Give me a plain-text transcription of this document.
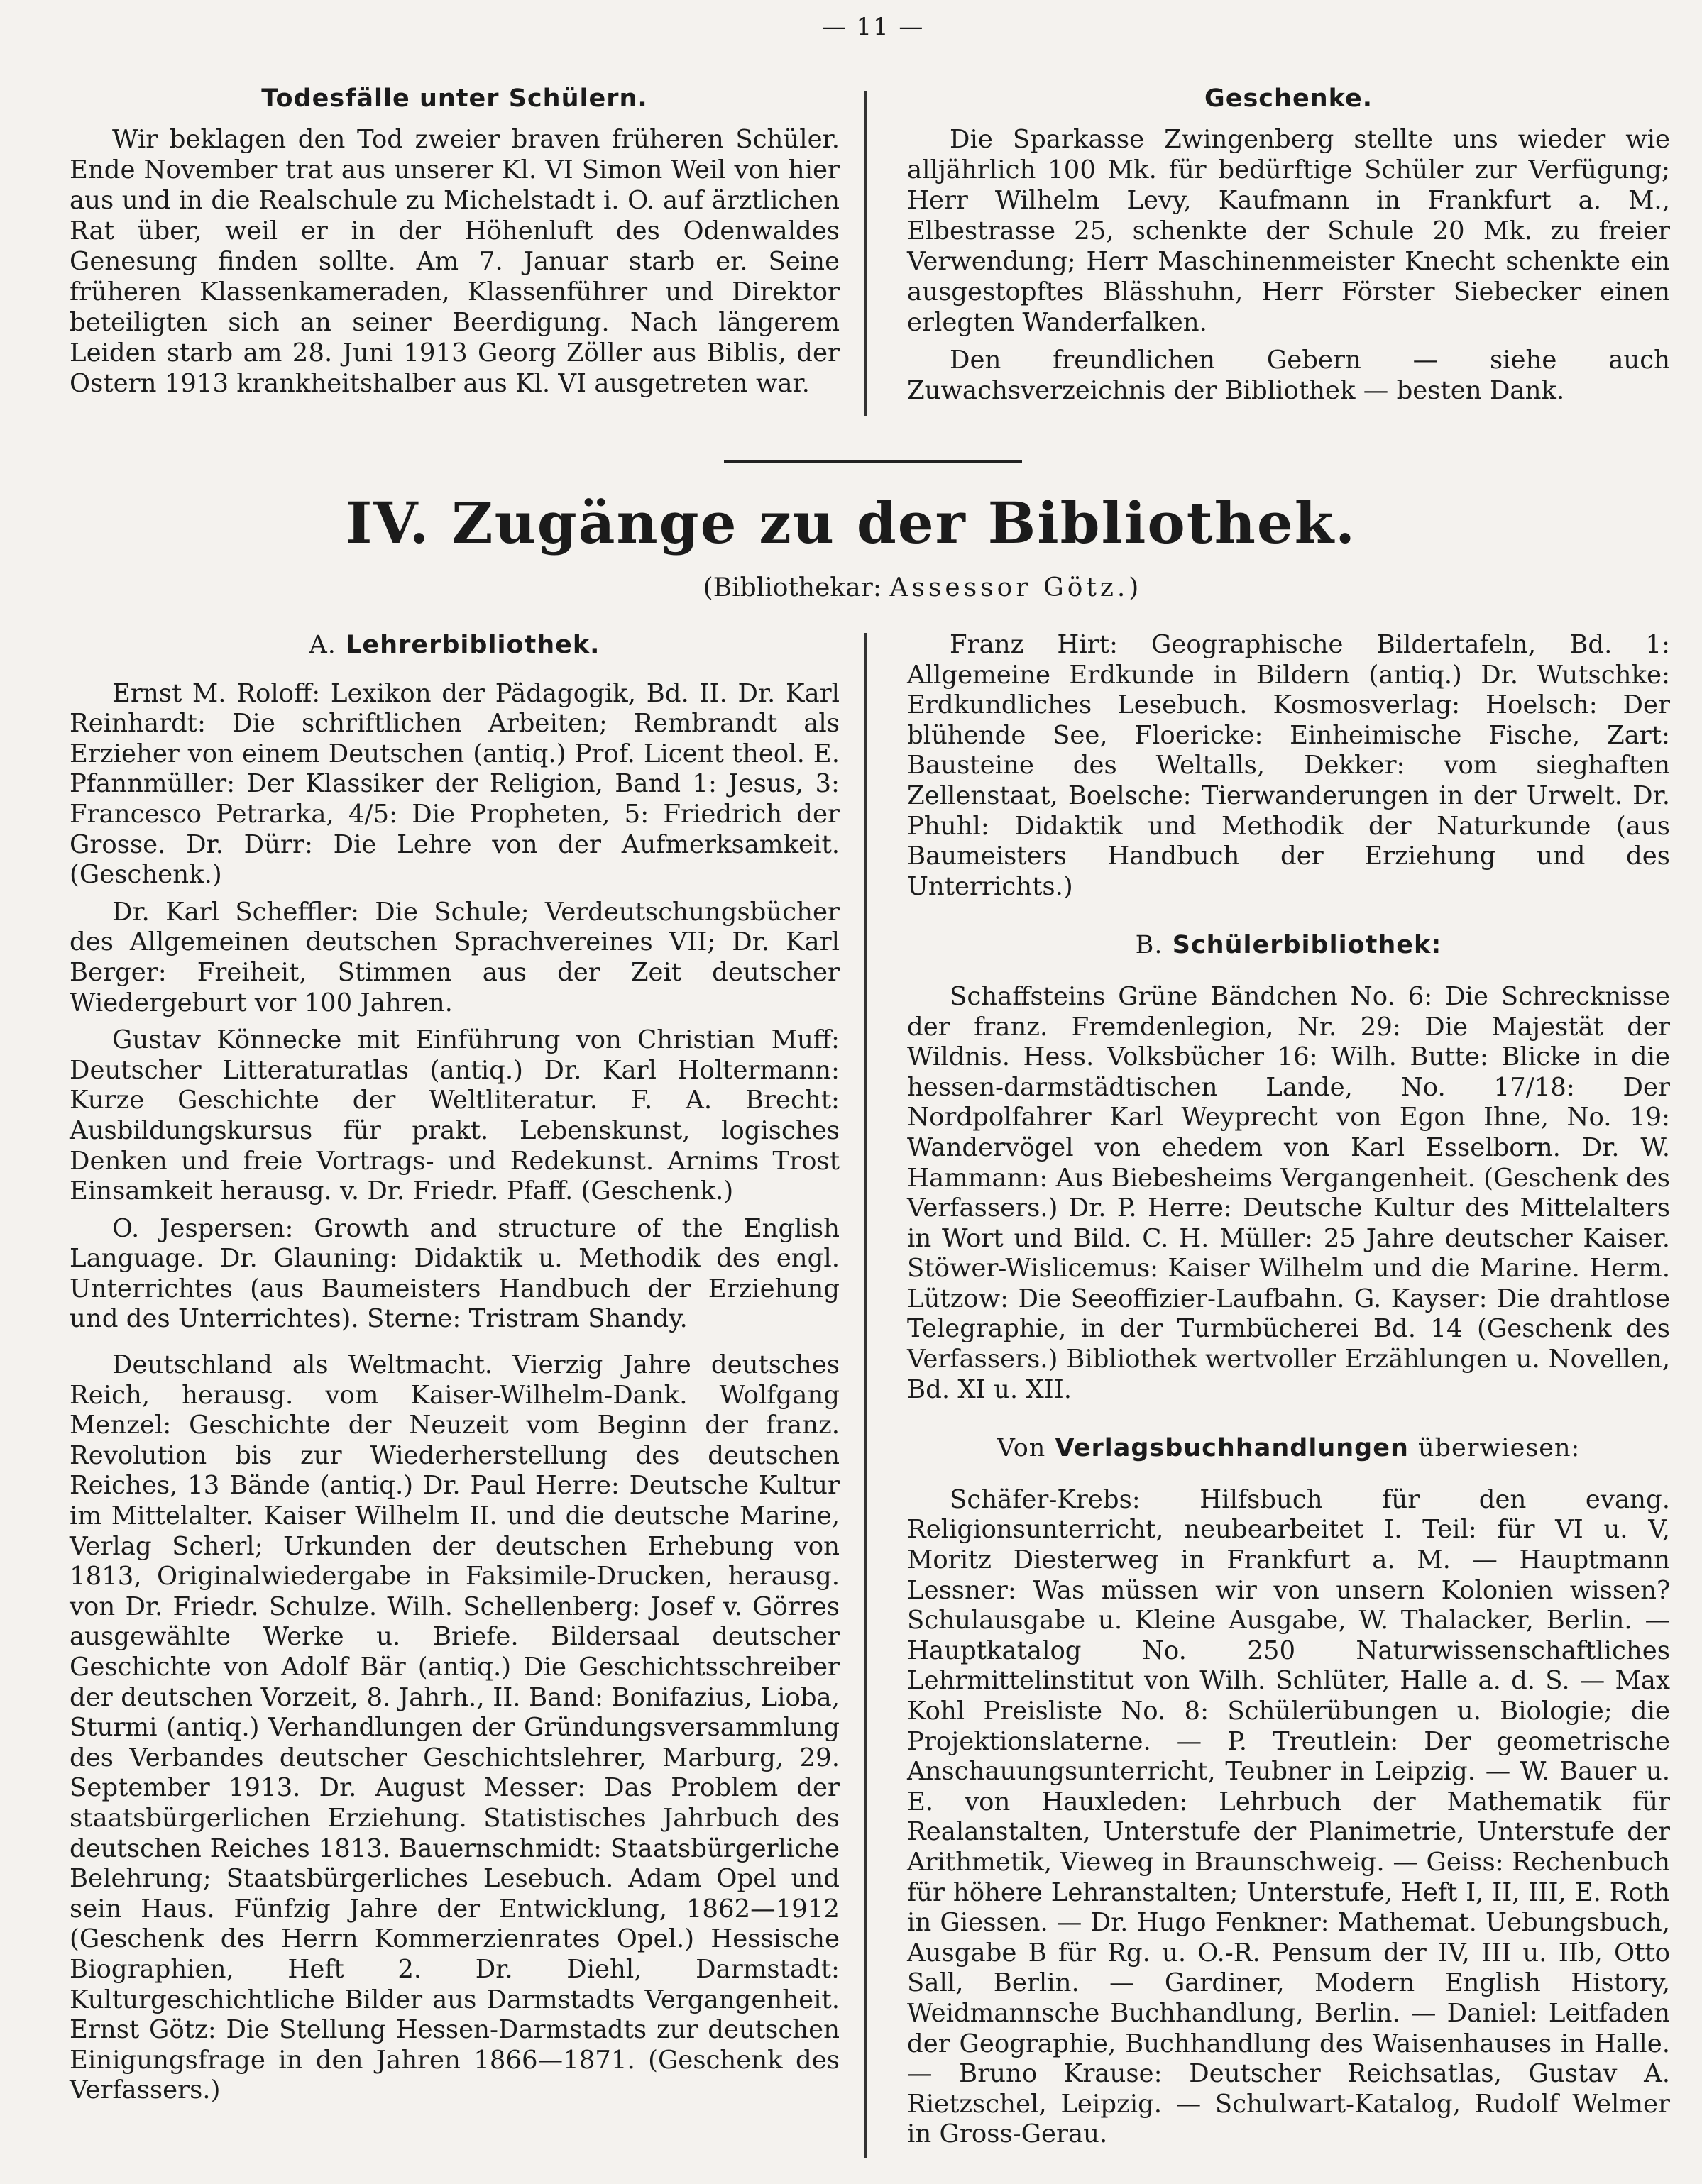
— 11 —
Todesfälle unter Schülern.

Wir beklagen den Tod zweier braven früheren Schüler. Ende November trat aus unserer Kl. VI Simon Weil von hier aus und in die Realschule zu Michelstadt i. O. auf ärztlichen Rat über, weil er in der Höhenluft des Odenwaldes Genesung finden sollte. Am 7. Januar starb er. Seine früheren Klassenkameraden, Klassenführer und Direktor beteiligten sich an seiner Beerdigung. Nach längerem Leiden starb am 28. Juni 1913 Georg Zöller aus Biblis, der Ostern 1913 krankheitshalber aus Kl. VI ausgetreten war.

Geschenke.

Die Sparkasse Zwingenberg stellte uns wieder wie alljährlich 100 Mk. für bedürftige Schüler zur Verfügung; Herr Wilhelm Levy, Kaufmann in Frankfurt a. M., Elbestrasse 25, schenkte der Schule 20 Mk. zu freier Verwendung; Herr Maschinenmeister Knecht schenkte ein ausgestopftes Blässhuhn, Herr Förster Siebecker einen erlegten Wanderfalken.

Den freundlichen Gebern — siehe auch Zuwachsverzeichnis der Bibliothek — besten Dank.

IV. Zugänge zu der Bibliothek.
(Bibliothekar: Assessor Götz.)
A. Lehrerbibliothek.

Ernst M. Roloff: Lexikon der Pädagogik, Bd. II. Dr. Karl Reinhardt: Die schriftlichen Arbeiten; Rembrandt als Erzieher von einem Deutschen (antiq.) Prof. Licent theol. E. Pfannmüller: Der Klassiker der Religion, Band 1: Jesus, 3: Francesco Petrarka, 4/5: Die Propheten, 5: Friedrich der Grosse. Dr. Dürr: Die Lehre von der Aufmerksamkeit. (Geschenk.)

Dr. Karl Scheffler: Die Schule; Verdeutschungsbücher des Allgemeinen deutschen Sprachvereines VII; Dr. Karl Berger: Freiheit, Stimmen aus der Zeit deutscher Wiedergeburt vor 100 Jahren.

Gustav Könnecke mit Einführung von Christian Muff: Deutscher Litteraturatlas (antiq.) Dr. Karl Holtermann: Kurze Geschichte der Weltliteratur. F. A. Brecht: Ausbildungskursus für prakt. Lebenskunst, logisches Denken und freie Vortrags- und Redekunst. Arnims Trost Einsamkeit herausg. v. Dr. Friedr. Pfaff. (Geschenk.)

O. Jespersen: Growth and structure of the English Language. Dr. Glauning: Didaktik u. Methodik des engl. Unterrichtes (aus Baumeisters Handbuch der Erziehung und des Unterrichtes). Sterne: Tristram Shandy.

Deutschland als Weltmacht. Vierzig Jahre deutsches Reich, herausg. vom Kaiser-Wilhelm-Dank. Wolfgang Menzel: Geschichte der Neuzeit vom Beginn der franz. Revolution bis zur Wiederherstellung des deutschen Reiches, 13 Bände (antiq.) Dr. Paul Herre: Deutsche Kultur im Mittelalter. Kaiser Wilhelm II. und die deutsche Marine, Verlag Scherl; Urkunden der deutschen Erhebung von 1813, Originalwiedergabe in Faksimile-Drucken, herausg. von Dr. Friedr. Schulze. Wilh. Schellenberg: Josef v. Görres ausgewählte Werke u. Briefe. Bildersaal deutscher Geschichte von Adolf Bär (antiq.) Die Geschichtsschreiber der deutschen Vorzeit, 8. Jahrh., II. Band: Bonifazius, Lioba, Sturmi (antiq.) Verhandlungen der Gründungsversammlung des Verbandes deutscher Geschichtslehrer, Marburg, 29. September 1913. Dr. August Messer: Das Problem der staatsbürgerlichen Erziehung. Statistisches Jahrbuch des deutschen Reiches 1813. Bauernschmidt: Staatsbürgerliche Belehrung; Staatsbürgerliches Lesebuch. Adam Opel und sein Haus. Fünfzig Jahre der Entwicklung, 1862—1912 (Geschenk des Herrn Kommerzienrates Opel.) Hessische Biographien, Heft 2. Dr. Diehl, Darmstadt: Kulturgeschichtliche Bilder aus Darmstadts Vergangenheit. Ernst Götz: Die Stellung Hessen-Darmstadts zur deutschen Einigungsfrage in den Jahren 1866—1871. (Geschenk des Verfassers.)

Franz Hirt: Geographische Bildertafeln, Bd. 1: Allgemeine Erdkunde in Bildern (antiq.) Dr. Wutschke: Erdkundliches Lesebuch. Kosmosverlag: Hoelsch: Der blühende See, Floericke: Einheimische Fische, Zart: Bausteine des Weltalls, Dekker: vom sieghaften Zellenstaat, Boelsche: Tierwanderungen in der Urwelt. Dr. Phuhl: Didaktik und Methodik der Naturkunde (aus Baumeisters Handbuch der Erziehung und des Unterrichts.)

B. Schülerbibliothek:

Schaffsteins Grüne Bändchen No. 6: Die Schrecknisse der franz. Fremdenlegion, Nr. 29: Die Majestät der Wildnis. Hess. Volksbücher 16: Wilh. Butte: Blicke in die hessen-darmstädtischen Lande, No. 17/18: Der Nordpolfahrer Karl Weyprecht von Egon Ihne, No. 19: Wandervögel von ehedem von Karl Esselborn. Dr. W. Hammann: Aus Biebesheims Vergangenheit. (Geschenk des Verfassers.) Dr. P. Herre: Deutsche Kultur des Mittelalters in Wort und Bild. C. H. Müller: 25 Jahre deutscher Kaiser. Stöwer-Wislicemus: Kaiser Wilhelm und die Marine. Herm. Lützow: Die Seeoffizier-Laufbahn. G. Kayser: Die drahtlose Telegraphie, in der Turmbücherei Bd. 14 (Geschenk des Verfassers.) Bibliothek wertvoller Erzählungen u. Novellen, Bd. XI u. XII.

Von Verlagsbuchhandlungen überwiesen:

Schäfer-Krebs: Hilfsbuch für den evang. Religionsunterricht, neubearbeitet I. Teil: für VI u. V, Moritz Diesterweg in Frankfurt a. M. — Hauptmann Lessner: Was müssen wir von unsern Kolonien wissen? Schulausgabe u. Kleine Ausgabe, W. Thalacker, Berlin. — Hauptkatalog No. 250 Naturwissenschaftliches Lehrmittelinstitut von Wilh. Schlüter, Halle a. d. S. — Max Kohl Preisliste No. 8: Schülerübungen u. Biologie; die Projektionslaterne. — P. Treutlein: Der geometrische Anschauungsunterricht, Teubner in Leipzig. — W. Bauer u. E. von Hauxleden: Lehrbuch der Mathematik für Realanstalten, Unterstufe der Planimetrie, Unterstufe der Arithmetik, Vieweg in Braunschweig. — Geiss: Rechenbuch für höhere Lehranstalten; Unterstufe, Heft I, II, III, E. Roth in Giessen. — Dr. Hugo Fenkner: Mathemat. Uebungsbuch, Ausgabe B für Rg. u. O.-R. Pensum der IV, III u. IIb, Otto Sall, Berlin. — Gardiner, Modern English History, Weidmannsche Buchhandlung, Berlin. — Daniel: Leitfaden der Geographie, Buchhandlung des Waisenhauses in Halle. — Bruno Krause: Deutscher Reichsatlas, Gustav A. Rietzschel, Leipzig. — Schulwart-Katalog, Rudolf Welmer in Gross-Gerau.
